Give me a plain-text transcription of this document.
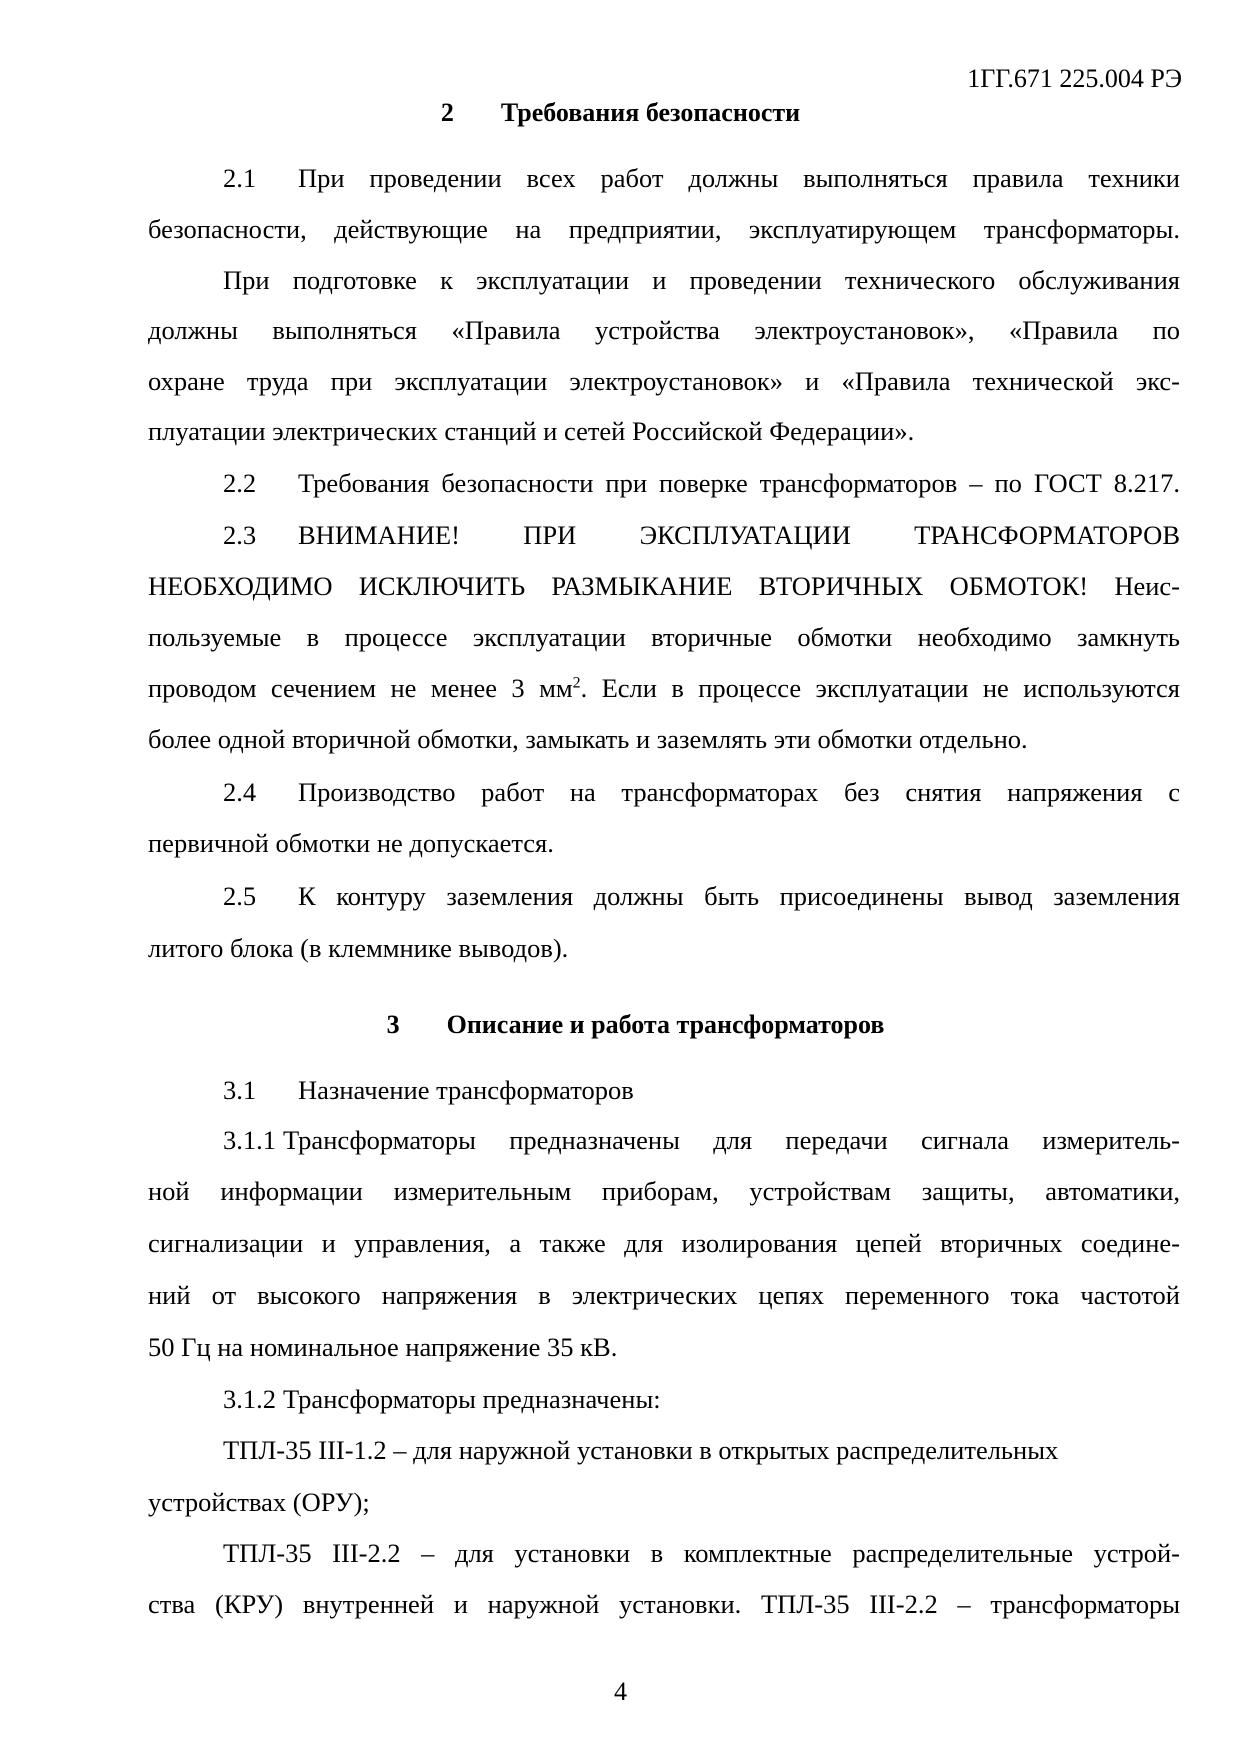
1ГГ.671 225.004 РЭ
2 Требования безопасности
2.1 При проведении всех работ должны выполняться правила техники
безопасности, действующие на предприятии, эксплуатирующем трансформаторы.
При подготовке к эксплуатации и проведении технического обслуживания
должны выполняться «Правила устройства электроустановок», «Правила по
охране труда при эксплуатации электроустановок» и «Правила технической экс-
плуатации электрических станций и сетей Российской Федерации».
2.2 Требования безопасности при поверке трансформаторов – по ГОСТ 8.217.
2.3 ВНИМАНИЕ! ПРИ ЭКСПЛУАТАЦИИ ТРАНСФОРМАТОРОВ
НЕОБХОДИМО ИСКЛЮЧИТЬ РАЗМЫКАНИЕ ВТОРИЧНЫХ ОБМОТОК! Неис-
пользуемые в процессе эксплуатации вторичные обмотки необходимо замкнуть
проводом сечением не менее 3 $мм^2$. Если в процессе эксплуатации не используются
более одной вторичной обмотки, замыкать и заземлять эти обмотки отдельно.
2.4 Производство работ на трансформаторах без снятия напряжения с
первичной обмотки не допускается.
2.5 К контуру заземления должны быть присоединены вывод заземления
литого блока (в клеммнике выводов).
3 Описание и работа трансформаторов
3.1 Назначение трансформаторов
3.1.1 Трансформаторы предназначены для передачи сигнала измеритель-
ной информации измерительным приборам, устройствам защиты, автоматики,
сигнализации и управления, а также для изолирования цепей вторичных соедине-
ний от высокого напряжения в электрических цепях переменного тока частотой
50 Гц на номинальное напряжение 35 кВ.
3.1.2 Трансформаторы предназначены:
ТПЛ-35 III-1.2 – для наружной установки в открытых распределительных
устройствах (ОРУ);
ТПЛ-35 III-2.2 – для установки в комплектные распределительные устрой-
ства (КРУ) внутренней и наружной установки. ТПЛ-35 III-2.2 – трансформаторы
4
